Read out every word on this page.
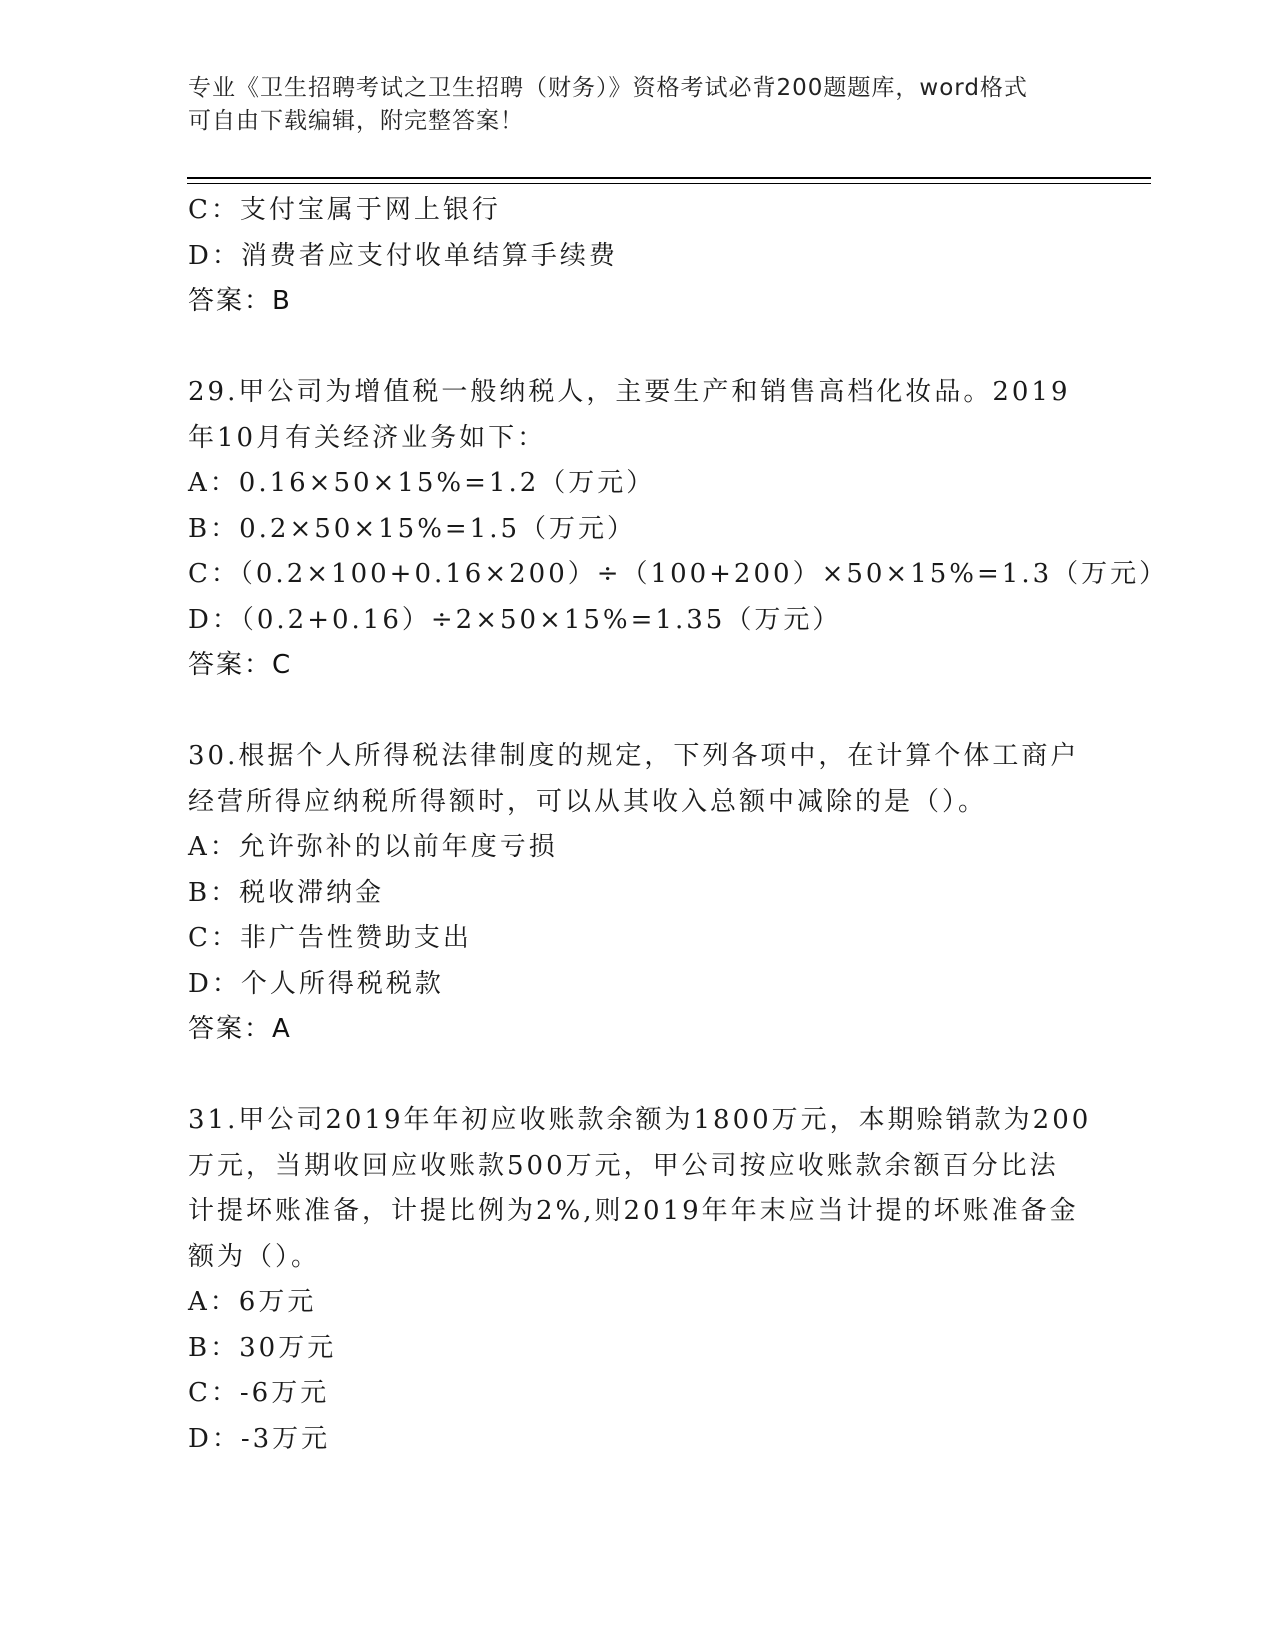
专业《卫生招聘考试之卫生招聘（财务）》资格考试必背200题题库，word格式
可自由下载编辑，附完整答案！
C：支付宝属于网上银行
D：消费者应支付收单结算手续费
答案：B
29.甲公司为增值税一般纳税人，主要生产和销售高档化妆品。2019
年10月有关经济业务如下：
A：0.16×50×15%=1.2（万元）
B：0.2×50×15%=1.5（万元）
C：（0.2×100+0.16×200）÷（100+200）×50×15%=1.3（万元）
D：（0.2+0.16）÷2×50×15%=1.35（万元）
答案：C
30.根据个人所得税法律制度的规定，下列各项中，在计算个体工商户
经营所得应纳税所得额时，可以从其收入总额中减除的是（）。
A：允许弥补的以前年度亏损
B：税收滞纳金
C：非广告性赞助支出
D：个人所得税税款
答案：A
31.甲公司2019年年初应收账款余额为1800万元，本期赊销款为200
万元，当期收回应收账款500万元，甲公司按应收账款余额百分比法
计提坏账准备，计提比例为2%,则2019年年末应当计提的坏账准备金
额为（）。
A：6万元
B：30万元
C：-6万元
D：-3万元
